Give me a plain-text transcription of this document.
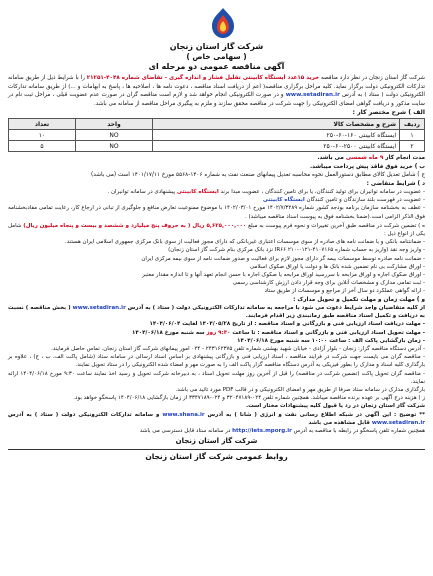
شرکت گاز استان زنجان
( سهامی خاص )
آگهی مناقصه عمومی دو مرحله ای
شرکت گاز استان زنجان در نظر دارد مناقصه خرید ۱۵عدد ایستگاه کابینتی تقلیل فشار و اندازه گیری - تقاضای شماره ۴۰۴۸-۲۱۲۵۱ را با شرایط ذیل از طریق سامانه تدارکات الکترونیکی دولت برگزار نماید. کلیه مراحل برگزاری مناقصه( اعم از دریافت اسناد مناقصه ، دعوت نامه ها ، اصلاحیه ها ، پاسخ به ابهامات و ...) از طریق سامانه تدارکات الکترونیکی دولت ( ستاد ) به آدرس www.setadiran.ir و در صورت الکترونیکی انجام خواهد شد و لازم است مناقصه گران در صورت عدم عضویت قبلی ، مراحل ثبت نام در سایت مذکور و دریافت گواهی امضای الکترونیکی را جهت شرکت در مناقصه محقق سازند و ملزم به پیگیری مراحل مناقصه از سامانه می باشد.
الف ) شرح مختصر کار :
ردیف	شرح و مشخصات کالا	واحد	تعداد
۱	ایستگاه کابینتی ۱۶۰-۶۰-۲۵۰	NO	۱۰
۲	ایستگاه کابینتی ۲۵۰۰-۶۰-۲۵۰	NO	۵
مدت انجام کار ۹ ماه شمسی می باشد.
ب ) خرید فوق فاقد پیش پرداخت میباشد.
ج ) شامل تعدیل کالای مطابق دستورالعمل نحوه محاسبه تعدیل پیمانهای صنعت نفت به شماره ۱۴۰۶-۵۵۶۸ مورخ ۱۴۰۱/۱۷/۱۱ است (می باشد)
د ) شرایط متقاضی :
- عضویت در سامانه توانیران برای تولید کنندگان، یا برای تامین کنندگان ، عضویت مبدا برند ایستگاه کابینتی پیشنهادی در سامانه توانیران .
- عضویت در فهرست بلند سازندگان و تامین کنندگان ایستگاه کابینتی
- عطف به بخشنامه سازمان برنامه بودجه کشور شماره ۱۴۰۲/۷/۳۲۸۹ مورخ ۱۴۰۲/۰۳/۰۱ با موضوع ممنوعیت تعارض منافع و جلوگیری از تبانی در ارجاع کار، رعایت تمامی مفادبخشنامه فوق الذکر الزامی است.(ضمنا بخشنامه فوق به پیوست اسناد مناقصه میباشد) .
ه ) تضمین شرکت در مناقصه طبق آخرین تغییرات و نحوه فرم پیوست به مبلغ ۵,۶۲۵,۰۰۰,۰۰۰ ریال ( به حروف پنج میلیارد و ششصد و بیست و پنجاه میلیون ریال) شامل یکی از انواع ذیل :
- ضمانتنامه بانکی و یا ضمانت نامه های صادره از سوی موسسات اعتباری غیربانکی که دارای مجوز فعالیت از سوی بانک مرکزی جمهوری اسلامی ایران هستند.
- واریز وجه نقد (واریز به حساب شماره ۴۱۰۷۱۶۵-۰۱۲۱-۲۱۰ IR۶۶ نزد بانک مرکزی بنام شرکت گاز استان زنجان)
- ضمانت نامه صادره توسط موسسات بیمه گر دارای مجوز لازم برای فعالیت و صدور ضمانت نامه از سوی بیمه مرکزی ایران
- اوراق مشارکت بی نام تضمین شده بانک ها و دولت یا اوراق صکوک اسلامی
- اوراق صکوک اجاره و اوراق مرابحه با سررسید اوراق مرابحه یا صکوک اجاره با حسن انجام تعهد آنها و تا اندازه مقدار معتبر
- ثبت تمامی مدارک و مشخصات آنلاین برای وجه قرار دادن ارزش کارشناسی رسمی
- ارائه گواهی عملکرد دو سال آخر از مراجع و موسسات از طریق ستاد
و ) مهلت زمان و مهلت تکمیل و تحویل مدارک :
از کلیه متقاضیان واجد شرایط دعوت می شود با مراجعه به سامانه تدارکات الکترونیکی دولت ( ستاد ) به آدرس www.setadiran.ir ( بخش مناقصه ) نسبت به دریافت و تکمیل اسناد مناقصه طبق زمانبندی زیر اقدام فرمایند.
- مهلت دریافت اسناد ارزیابی فنی و بازرگانی و اسناد مناقصه : از تاریخ ۱۴۰۴/۰۵/۲۸ لغایت ۱۴۰۴/۰۶/۰۴
- مهلت تحویل اسناد ارزیابی فنی و بازرگانی و اسناد مناقصه : تا ساعت ۹:۳۰ روز سه شنبه مورخ ۱۴۰۴/۰۶/۱۸
- زمان بازگشایی پاکت الف : ساعت ۱۰:۰۰ سه شنبه مورخ ۱۴۰۴/۰۶/۱۸
- آدرس دستگاه مناقصه گزار: زنجان - بلوار آزادی - خیابان شهید بهشتی شماره تلفن ۲۴۳۱۶۲۳۷۵ - ۰۲۴ امور پیمانهای شرکت گاز استان زنجان. تماس حاصل فرمایند.
- مناقصه گران می بایست جهت شرکت در فرایند مناقصه ، اسناد ارزیابی فنی و بازرگانی پیشنهادی بر اساس اسناد ارسالی در سامانه ستاد (شامل پاکت الف، ب ، ج) ، علاوه بر بارگذاری کلیه اسناد و مدارک را بطور فیزیکی به آدرس دستگاه مناقصه گزار پاکت الف را به صورت مهر و امضاء شده الکترونیکی را در ستاد تحویل نمایند.
- مناقصه گران تحویل پاکت (تضمین شرکت در مناقصه) را قبل از آخرین روز مهلت تحویل اسناد ، به دبیرخانه شرکت تحویل و رسید اخذ نمایند ساعت ۹:۳۰ مورخ ۱۴۰۴/۰۶/۱۸ ارائه نمایند.
بارگذاری مدارک در سامانه ستاد صرفا از طریق مهر و امضای الکترونیکی و در قالب PDF مورد تائید می باشد.
ز ) هزینه درج آگهی بر عهده برنده مناقصه میباشد. همچنین شماره تلفن ۰۲۴-۳۲۰۴۷۱۸۹ و ۰۲۴-۳۳۴۷۱۸۹ از زمان بازگشایی ۱۴۰۴/۰۶/۱۸ پاسخگو خواهد بود.
شرکت گاز استان زنجان در رد یا قبول کلیه پیشنهادات مختار است.
** توضیح : این آگهی در شبکه اطلاع رسانی نفت و انرژی ( شانا ) به آدرس www.shana.ir و سامانه تدارکات الکترونیکی دولت ( ستاد ) به آدرس www.setadiran.ir قابل مشاهده می باشد
همچنین شماره تلفن پاسخگو در رابطه با مناقصه به آدرس http://iets.mporg.ir در سامانه ستاد قابل دسترسی می باشد
شرکت گاز استان زنجان
روابط عمومی شرکت گاز استان زنجان
